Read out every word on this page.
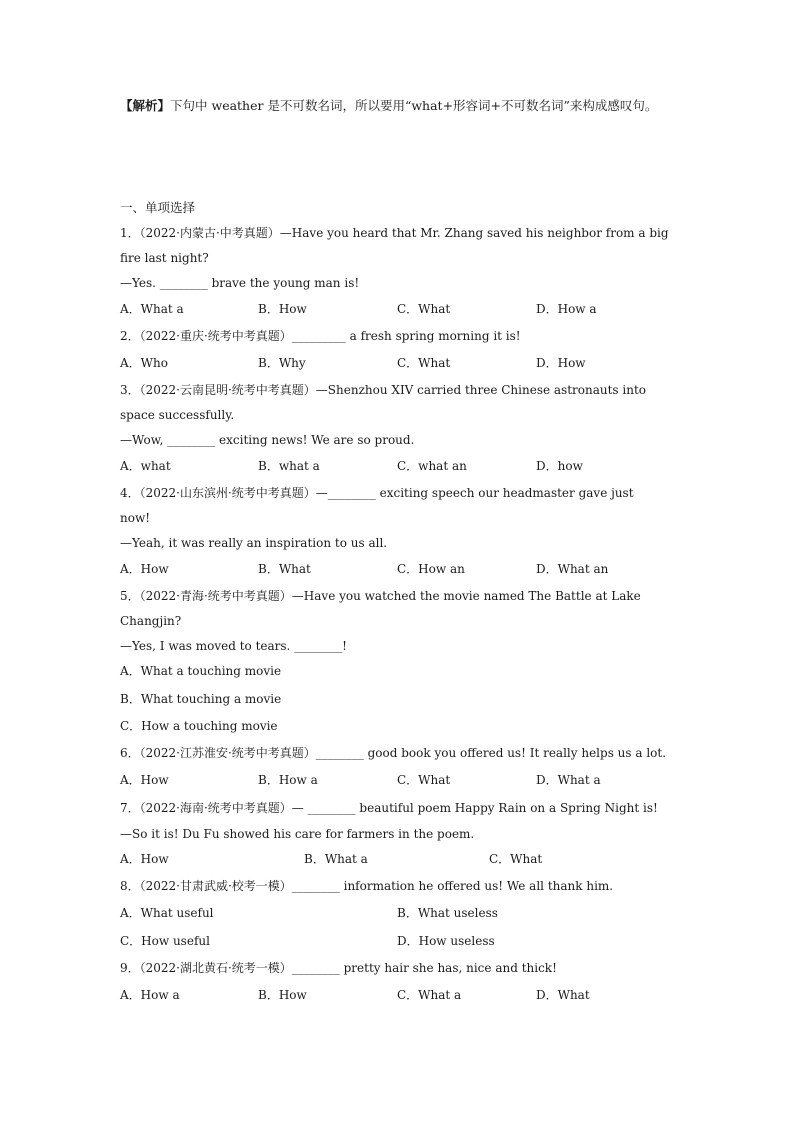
【解析】下句中 weather 是不可数名词，所以要用“what+形容词+不可数名词”来构成感叹句。
一、单项选择
1．（2022·内蒙古·中考真题）—Have you heard that Mr. Zhang saved his neighbor from a big
fire last night?
—Yes. ________ brave the young man is!
A．What a	B．How	C．What	D．How a
2．（2022·重庆·统考中考真题）_________ a fresh spring morning it is!
A．Who	B．Why	C．What	D．How
3．（2022·云南昆明·统考中考真题）—Shenzhou XIV carried three Chinese astronauts into
space successfully.
—Wow, ________ exciting news! We are so proud.
A．what	B．what a	C．what an	D．how
4．（2022·山东滨州·统考中考真题）—________ exciting speech our headmaster gave just
now!
—Yeah, it was really an inspiration to us all.
A．How	B．What	C．How an	D．What an
5．（2022·青海·统考中考真题）—Have you watched the movie named The Battle at Lake
Changjin?
—Yes, I was moved to tears. ________!
A．What a touching movie
B．What touching a movie
C．How a touching movie
6．（2022·江苏淮安·统考中考真题）________ good book you offered us! It really helps us a lot.
A．How	B．How a	C．What	D．What a
7．（2022·海南·统考中考真题）— ________ beautiful poem Happy Rain on a Spring Night is!
—So it is! Du Fu showed his care for farmers in the poem.
A．How	B．What a	C．What
8．（2022·甘肃武威·校考一模）________ information he offered us! We all thank him.
A．What useful	B．What useless
C．How useful	D．How useless
9．（2022·湖北黄石·统考一模）________ pretty hair she has, nice and thick!
A．How a	B．How	C．What a	D．What
